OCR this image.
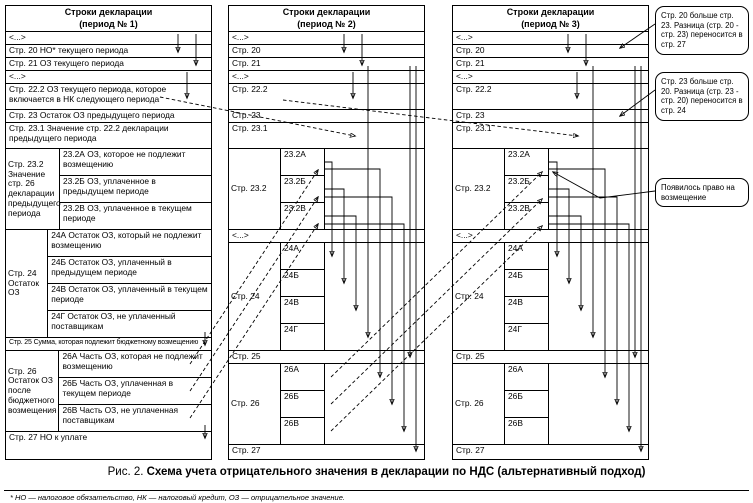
Строки декларации
(период № 1)
<...>
Стр. 20 НО* текущего периода
Стр. 21 ОЗ текущего периода
<...>
Стр. 22.2 ОЗ текущего периода, которое включается в НК следующего периода
Стр. 23 Остаток ОЗ предыдущего периода
Стр. 23.1 Значение стр. 22.2 декларации предыдущего периода
Стр. 23.2 Значение стр. 26 декларации предыдущего периода
23.2А ОЗ, которое не подлежит возмещению
23.2Б ОЗ, уплаченное в предыдущем периоде
23.2В ОЗ, уплаченное в текущем периоде
Стр. 24 Остаток ОЗ
24А Остаток ОЗ, который не подлежит возмещению
24Б Остаток ОЗ, уплаченный в предыдущем периоде
24В Остаток ОЗ, уплаченный в текущем периоде
24Г Остаток ОЗ, не уплаченный поставщикам
Стр. 25 Сумма, которая подлежит бюджетному возмещению
Стр. 26 Остаток ОЗ после бюджетного возмещения
26А Часть ОЗ, которая не подлежит возмещению
26Б Часть ОЗ, уплаченная в текущем периоде
26В Часть ОЗ, не уплаченная поставщикам
Стр. 27 НО к уплате
Строки декларации
(период № 2)
<...>
Стр. 20
Стр. 21
<...>
Стр. 22.2
Стр. 23
Стр. 23.1
Стр. 23.2
23.2А
23.2Б
23.2В
<...>
Стр. 24
24А
24Б
24В
24Г
Стр. 25
Стр. 26
26А
26Б
26В
Стр. 27
Строки декларации
(период № 3)
<...>
Стр. 20
Стр. 21
<...>
Стр. 22.2
Стр. 23
Стр. 23.1
Стр. 23.2
23.2А
23.2Б
23.2В
<...>
Стр. 24
24А
24Б
24В
24Г
Стр. 25
Стр. 26
26А
26Б
26В
Стр. 27
Стр. 20 больше стр. 23. Разница (стр. 20 - стр. 23) переносится в стр. 27
Стр. 23 больше стр. 20. Разница (стр. 23 - стр. 20) переносится в стр. 24
Появилось право на возмещение
Рис. 2. Схема учета отрицательного значения в декларации по НДС (альтернативный подход)
* НО — налоговое обязательство, НК — налоговый кредит, ОЗ — отрицательное значение.
